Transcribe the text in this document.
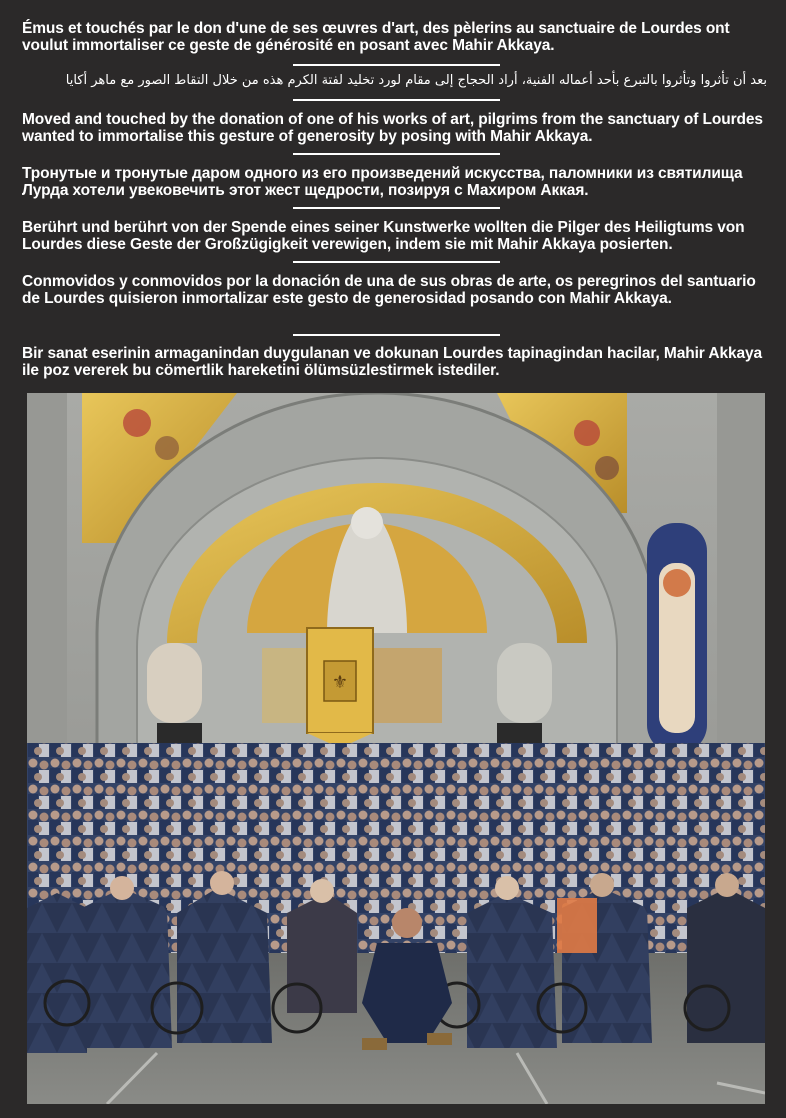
Émus et touchés par le don d'une de ses œuvres d'art, des pèlerins au sanctuaire de Lourdes ont voulut immortaliser ce geste de générosité en posant avec Mahir Akkaya.
بعد أن تأثروا وتأثروا بالتبرع بأحد أعماله الفنية، أراد الحجاج إلى مقام لورد تخليد لفتة الكرم هذه من خلال التقاط الصور مع ماهر أكايا
Moved and touched by the donation of one of his works of art, pilgrims from the sanctuary of Lourdes wanted to immortalise this gesture of generosity by posing with Mahir Akkaya.
Тронутые и тронутые даром одного из его произведений искусства, паломники из святилища Лурда хотели увековечить этот жест щедрости, позируя с Махиром Аккая.
Berührt und berührt von der Spende eines seiner Kunstwerke wollten die Pilger des Heiligtums von Lourdes diese Geste der Großzügigkeit verewigen, indem sie mit Mahir Akkaya posierten.
Conmovidos y conmovidos por la donación de una de sus obras de arte, os peregrinos del santuario de Lourdes quisieron inmortalizar este gesto de generosidad posando con Mahir Akkaya.
Bir sanat eserinin armaganindan duygulanan ve dokunan Lourdes tapinagindan hacilar, Mahir Akkaya ile poz vererek bu cömertlik hareketini ölümsüzlestirmek istediler.
⚜
